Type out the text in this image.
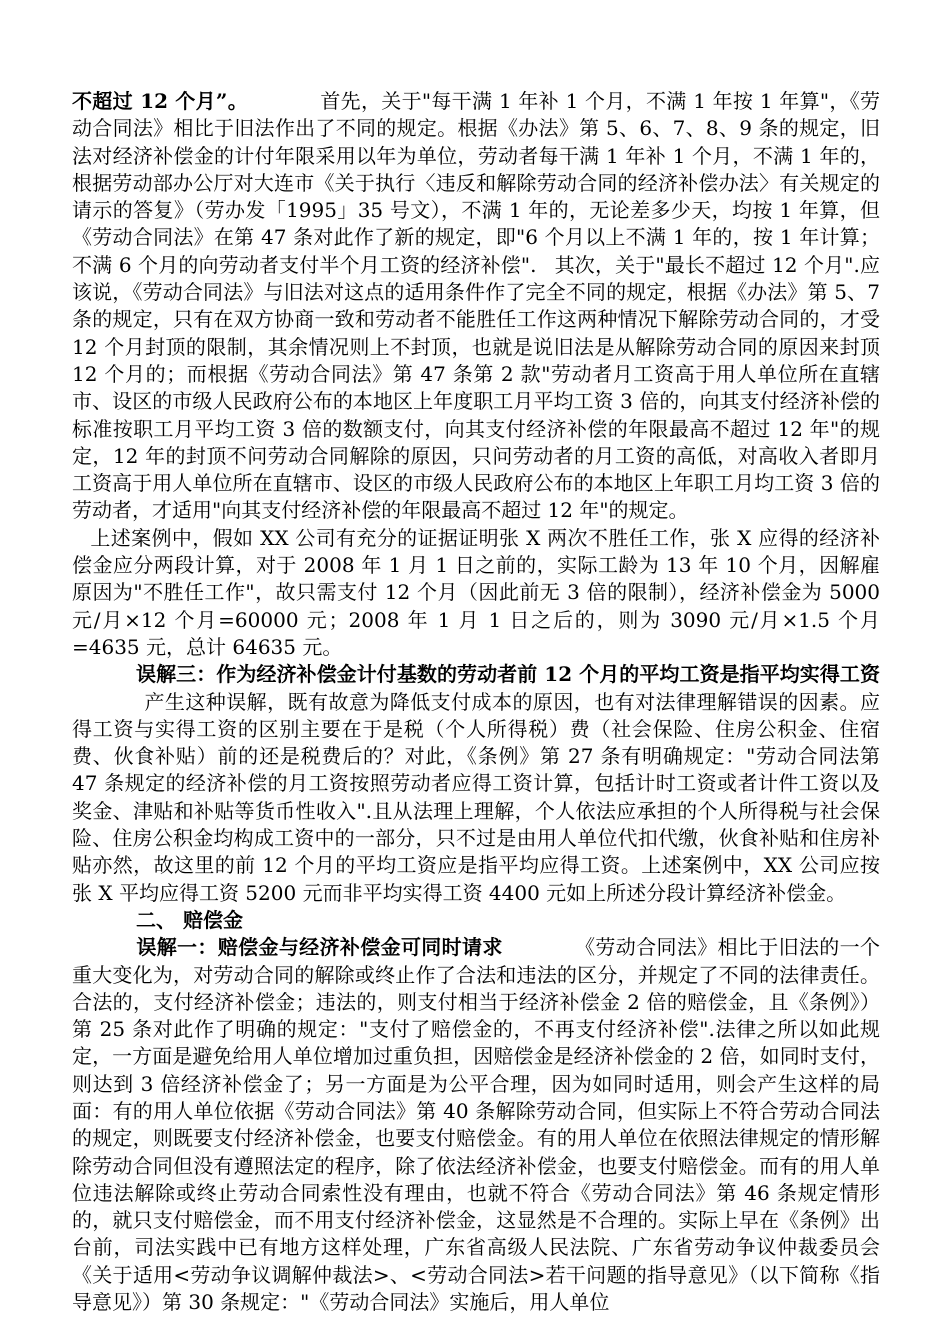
不超过 12 个月”。	首先，关于"每干满 1 年补 1 个月，不满 1 年按 1 年算"，《劳动合同法》相比于旧法作出了不同的规定。根据《办法》第 5、6、7、8、9 条的规定，旧法对经济补偿金的计付年限采用以年为单位，劳动者每干满 1 年补 1 个月，不满 1 年的，根据劳动部办公厅对大连市《关于执行〈违反和解除劳动合同的经济补偿办法〉有关规定的请示的答复》（劳办发「1995」35 号文），不满 1 年的，无论差多少天，均按 1 年算，但《劳动合同法》在第 47 条对此作了新的规定，即"6 个月以上不满 1 年的，按 1 年计算；不满 6 个月的向劳动者支付半个月工资的经济补偿". 其次，关于"最长不超过 12 个月".应该说，《劳动合同法》与旧法对这点的适用条件作了完全不同的规定，根据《办法》第 5、7 条的规定，只有在双方协商一致和劳动者不能胜任工作这两种情况下解除劳动合同的，才受 12 个月封顶的限制，其余情况则上不封顶，也就是说旧法是从解除劳动合同的原因来封顶 12 个月的；而根据《劳动合同法》第 47 条第 2 款"劳动者月工资高于用人单位所在直辖市、设区的市级人民政府公布的本地区上年度职工月平均工资 3 倍的，向其支付经济补偿的标准按职工月平均工资 3 倍的数额支付，向其支付经济补偿的年限最高不超过 12 年"的规定，12 年的封顶不问劳动合同解除的原因，只问劳动者的月工资的高低，对高收入者即月工资高于用人单位所在直辖市、设区的市级人民政府公布的本地区上年职工月均工资 3 倍的劳动者，才适用"向其支付经济补偿的年限最高不超过 12 年"的规定。

上述案例中，假如 XX 公司有充分的证据证明张 X 两次不胜任工作，张 X 应得的经济补偿金应分两段计算，对于 2008 年 1 月 1 日之前的，实际工龄为 13 年 10 个月，因解雇原因为"不胜任工作"，故只需支付 12 个月（因此前无 3 倍的限制），经济补偿金为 5000 元/月×12 个月=60000 元；2008 年 1 月 1 日之后的，则为 3090 元/月×1.5 个月=4635 元，总计 64635 元。

误解三：作为经济补偿金计付基数的劳动者前 12 个月的平均工资是指平均实得工资产生这种误解，既有故意为降低支付成本的原因，也有对法律理解错误的因素。应得工资与实得工资的区别主要在于是税（个人所得税）费（社会保险、住房公积金、住宿费、伙食补贴）前的还是税费后的？对此，《条例》第 27 条有明确规定："劳动合同法第 47 条规定的经济补偿的月工资按照劳动者应得工资计算，包括计时工资或者计件工资以及奖金、津贴和补贴等货币性收入".且从法理上理解，个人依法应承担的个人所得税与社会保险、住房公积金均构成工资中的一部分，只不过是由用人单位代扣代缴，伙食补贴和住房补贴亦然，故这里的前 12 个月的平均工资应是指平均应得工资。上述案例中，XX 公司应按张 X 平均应得工资 5200 元而非平均实得工资 4400 元如上所述分段计算经济补偿金。

二、 赔偿金

误解一：赔偿金与经济补偿金可同时请求	《劳动合同法》相比于旧法的一个重大变化为，对劳动合同的解除或终止作了合法和违法的区分，并规定了不同的法律责任。合法的，支付经济补偿金；违法的，则支付相当于经济补偿金 2 倍的赔偿金，且《条例》）第 25 条对此作了明确的规定："支付了赔偿金的，不再支付经济补偿".法律之所以如此规定，一方面是避免给用人单位增加过重负担，因赔偿金是经济补偿金的 2 倍，如同时支付，则达到 3 倍经济补偿金了；另一方面是为公平合理，因为如同时适用，则会产生这样的局面：有的用人单位依据《劳动合同法》第 40 条解除劳动合同，但实际上不符合劳动合同法的规定，则既要支付经济补偿金，也要支付赔偿金。有的用人单位在依照法律规定的情形解除劳动合同但没有遵照法定的程序，除了依法经济补偿金，也要支付赔偿金。而有的用人单位违法解除或终止劳动合同索性没有理由，也就不符合《劳动合同法》第 46 条规定情形的，就只支付赔偿金，而不用支付经济补偿金，这显然是不合理的。实际上早在《条例》出台前，司法实践中已有地方这样处理，广东省高级人民法院、广东省劳动争议仲裁委员会《关于适用<劳动争议调解仲裁法>、<劳动合同法>若干问题的指导意见》（以下简称《指导意见》）第 30 条规定："《劳动合同法》实施后，用人单位
